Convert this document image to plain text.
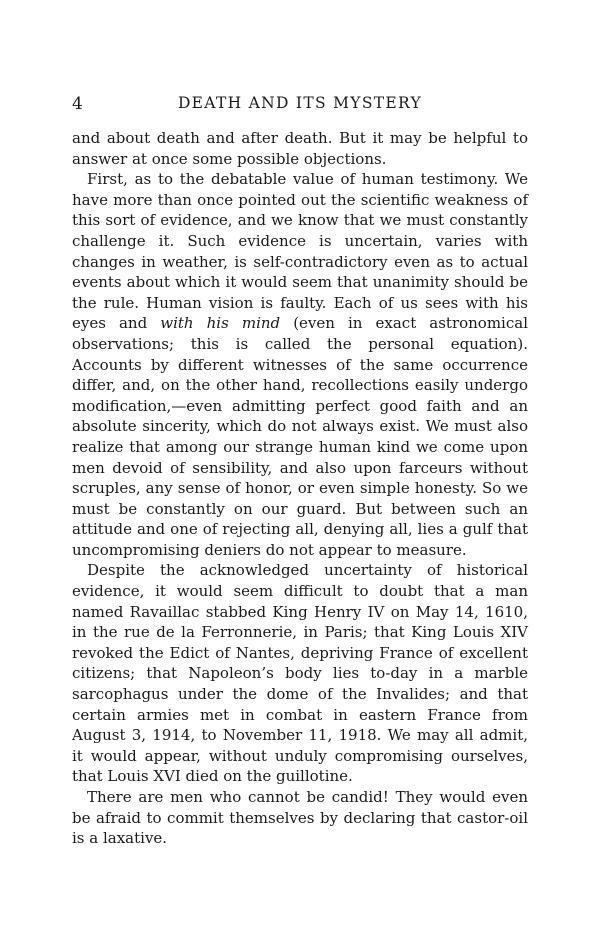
4	DEATH AND ITS MYSTERY

and about death and after death. But it may be helpful to answer at once some possible objections.

First, as to the debatable value of human testimony. We have more than once pointed out the scientific weakness of this sort of evidence, and we know that we must constantly challenge it. Such evidence is uncertain, varies with changes in weather, is self-contradictory even as to actual events about which it would seem that unanimity should be the rule. Human vision is faulty. Each of us sees with his eyes and with his mind (even in exact astronomical observations; this is called the personal equation). Accounts by different witnesses of the same occurrence differ, and, on the other hand, recollections easily undergo modification,—even admitting perfect good faith and an absolute sincerity, which do not always exist. We must also realize that among our strange human kind we come upon men devoid of sensibility, and also upon farceurs without scruples, any sense of honor, or even simple honesty. So we must be constantly on our guard. But between such an attitude and one of rejecting all, denying all, lies a gulf that uncompromising deniers do not appear to measure.

Despite the acknowledged uncertainty of historical evidence, it would seem difficult to doubt that a man named Ravaillac stabbed King Henry IV on May 14, 1610, in the rue de la Ferronnerie, in Paris; that King Louis XIV revoked the Edict of Nantes, depriving France of excellent citizens; that Napoleon’s body lies to-day in a marble sarcophagus under the dome of the Invalides; and that certain armies met in combat in eastern France from August 3, 1914, to November 11, 1918. We may all admit, it would appear, without unduly compromising ourselves, that Louis XVI died on the guillotine.

There are men who cannot be candid! They would even be afraid to commit themselves by declaring that castor-oil is a laxative.
